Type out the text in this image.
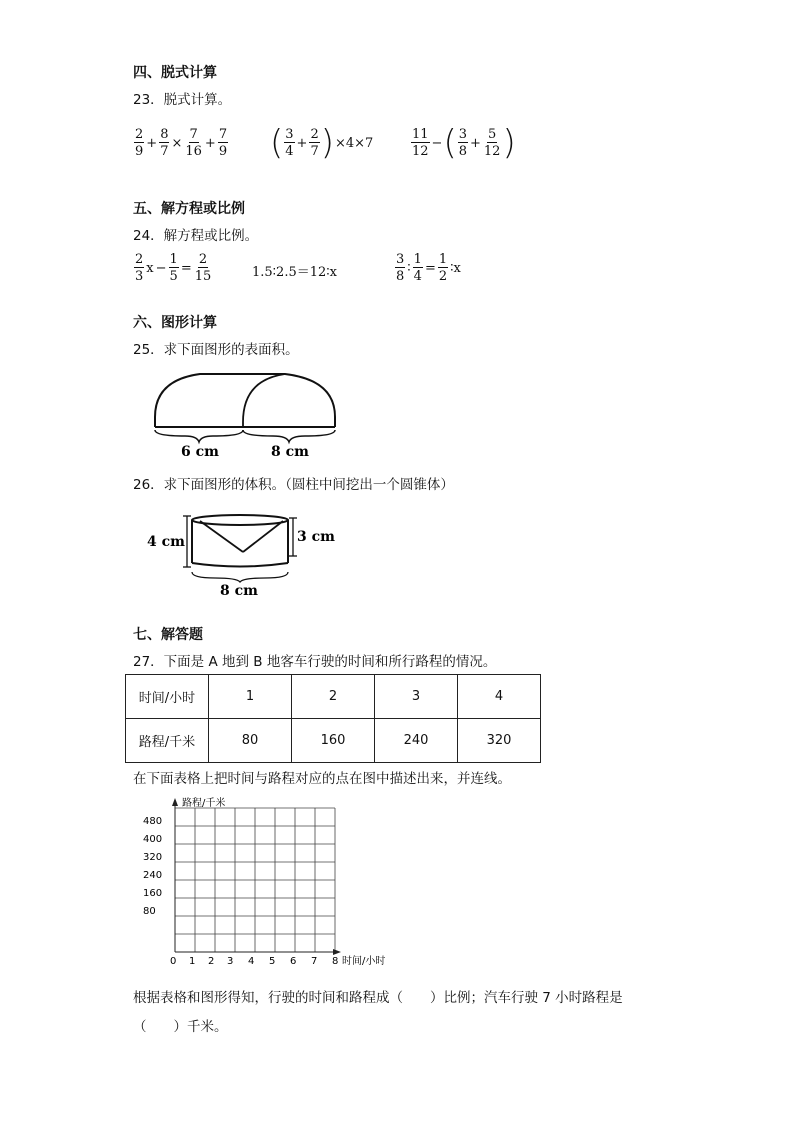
四、脱式计算
23．脱式计算。
$\frac{2}{9} + \frac{8}{7} \times \frac{7}{16} + \frac{7}{9}$ ( $\frac{3}{4} + \frac{2}{7}$ ) ×4×7	$\frac{11}{12}$ − ( $\frac{3}{8} + \frac{5}{12}$ )
五、解方程或比例
24．解方程或比例。
$\frac{2}{3}$ $x - \frac{1}{5} = \frac{2}{15}$	1.5∶2.5＝12∶x	$\frac{3}{8}$ ∶ $\frac{1}{4} = \frac{1}{2}$ ∶x
六、图形计算
25．求下面图形的表面积。
6 cm	8 cm
26．求下面图形的体积。（圆柱中间挖出一个圆锥体）
4 cm	3 cm
8 cm
七、解答题
27．下面是 A 地到 B 地客车行驶的时间和所行路程的情况。
时间/小时	1	2	3	4
路程/千米	80	160	240	320
在下面表格上把时间与路程对应的点在图中描述出来，并连线。
路程/千米
时间/小时
480
400
320
240
160
80
0 1 2 3 4 5 6 7 8
根据表格和图形得知，行驶的时间和路程成（　　）比例；汽车行驶 7 小时路程是
（　　）千米。
